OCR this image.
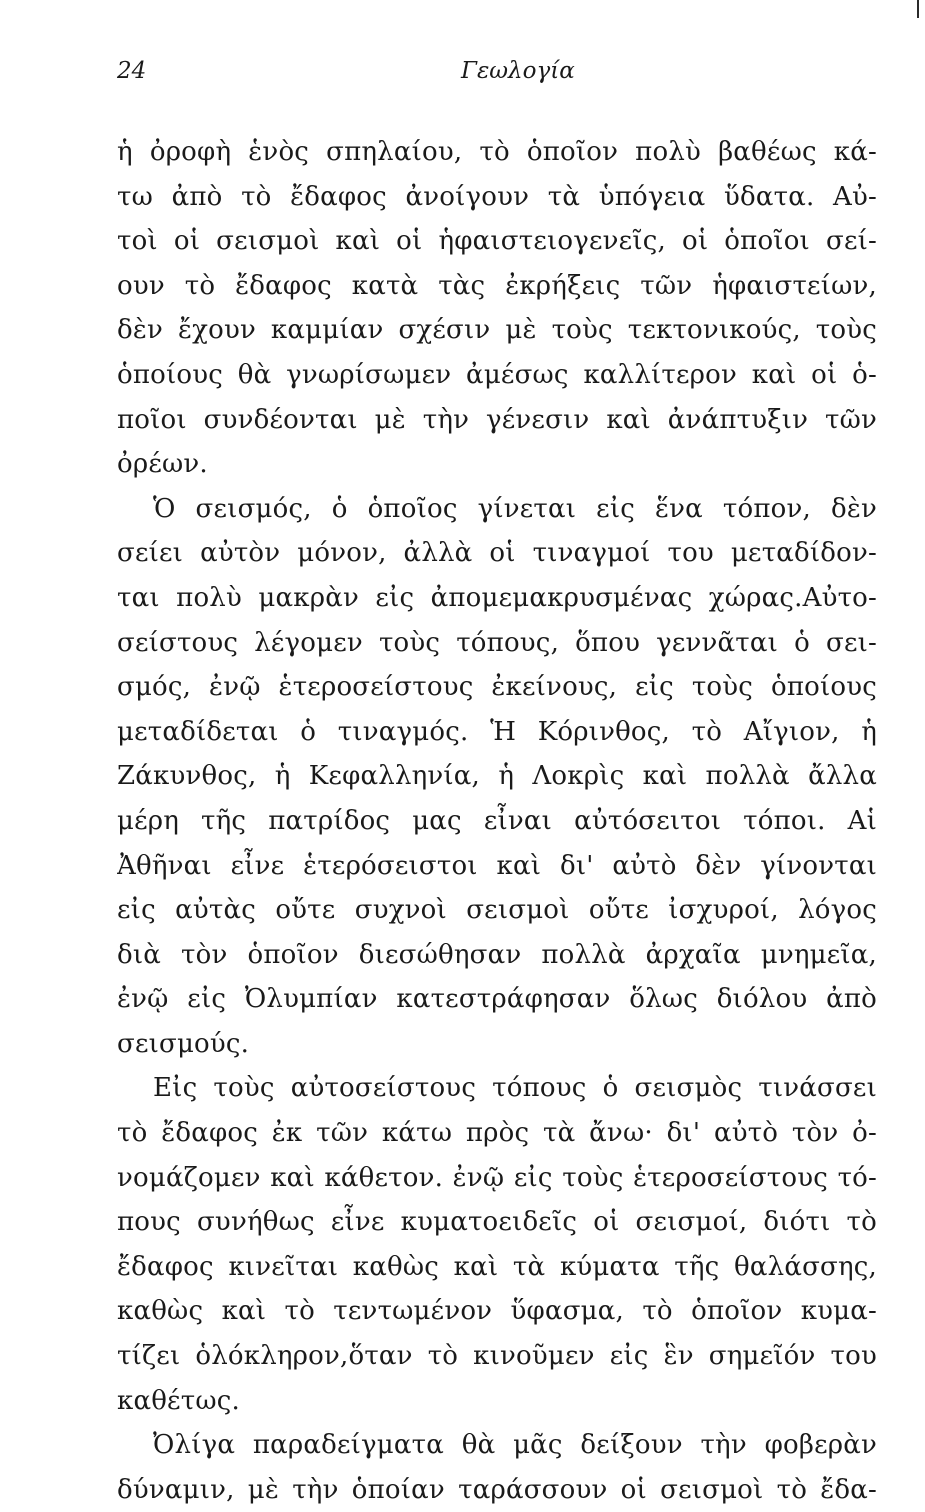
24	Γεωλογία
ἡ ὀροφὴ ἑνὸς σπηλαίου, τὸ ὁποῖον πολὺ βαθέως κά-
τω ἀπὸ τὸ ἔδαφος ἀνοίγουν τὰ ὑπόγεια ὕδατα. Αὐ-
τοὶ οἱ σεισμοὶ καὶ οἱ ἡφαιστειογενεῖς, οἱ ὁποῖοι σεί-
ουν τὸ ἔδαφος κατὰ τὰς ἐκρήξεις τῶν ἡφαιστείων,
δὲν ἔχουν καμμίαν σχέσιν μὲ τοὺς τεκτονικούς, τοὺς
ὁποίους θὰ γνωρίσωμεν ἀμέσως καλλίτερον καὶ οἱ ὁ-
ποῖοι συνδέονται μὲ τὴν γένεσιν καὶ ἀνάπτυξιν τῶν
ὀρέων.
Ὁ σεισμός, ὁ ὁποῖος γίνεται εἰς ἕνα τόπον, δὲν
σείει αὐτὸν μόνον, ἀλλὰ οἱ τιναγμοί του μεταδίδον-
ται πολὺ μακρὰν εἰς ἀπομεμακρυσμένας χώρας.Αὐτο-
σείστους λέγομεν τοὺς τόπους, ὅπου γεννᾶται ὁ σει-
σμός, ἐνῷ ἑτεροσείστους ἐκείνους, εἰς τοὺς ὁποίους
μεταδίδεται ὁ τιναγμός. Ἡ Κόρινθος, τὸ Αἴγιον, ἡ
Ζάκυνθος, ἡ Κεφαλληνία, ἡ Λοκρὶς καὶ πολλὰ ἄλλα
μέρη τῆς πατρίδος μας εἶναι αὐτόσειτοι τόποι. Αἱ
Ἀθῆναι εἶνε ἑτερόσειστοι καὶ δι' αὐτὸ δὲν γίνονται
εἰς αὐτὰς οὔτε συχνοὶ σεισμοὶ οὔτε ἰσχυροί, λόγος
διὰ τὸν ὁποῖον διεσώθησαν πολλὰ ἀρχαῖα μνημεῖα,
ἐνῷ εἰς Ὀλυμπίαν κατεστράφησαν ὅλως διόλου ἀπὸ
σεισμούς.
Εἰς τοὺς αὐτοσείστους τόπους ὁ σεισμὸς τινάσσει
τὸ ἔδαφος ἐκ τῶν κάτω πρὸς τὰ ἄνω· δι' αὐτὸ τὸν ὀ-
νομάζομεν καὶ κάθετον. ἐνῷ εἰς τοὺς ἑτεροσείστους τό-
πους συνήθως εἶνε κυματοειδεῖς οἱ σεισμοί, διότι τὸ
ἔδαφος κινεῖται καθὼς καὶ τὰ κύματα τῆς θαλάσσης,
καθὼς καὶ τὸ τεντωμένον ὕφασμα, τὸ ὁποῖον κυμα-
τίζει ὁλόκληρον,ὅταν τὸ κινοῦμεν εἰς ἓν σημεῖόν του
καθέτως.
Ὀλίγα παραδείγματα θὰ μᾶς δείξουν τὴν φοβερὰν
δύναμιν, μὲ τὴν ὁποίαν ταράσσουν οἱ σεισμοὶ τὸ ἔδα-
